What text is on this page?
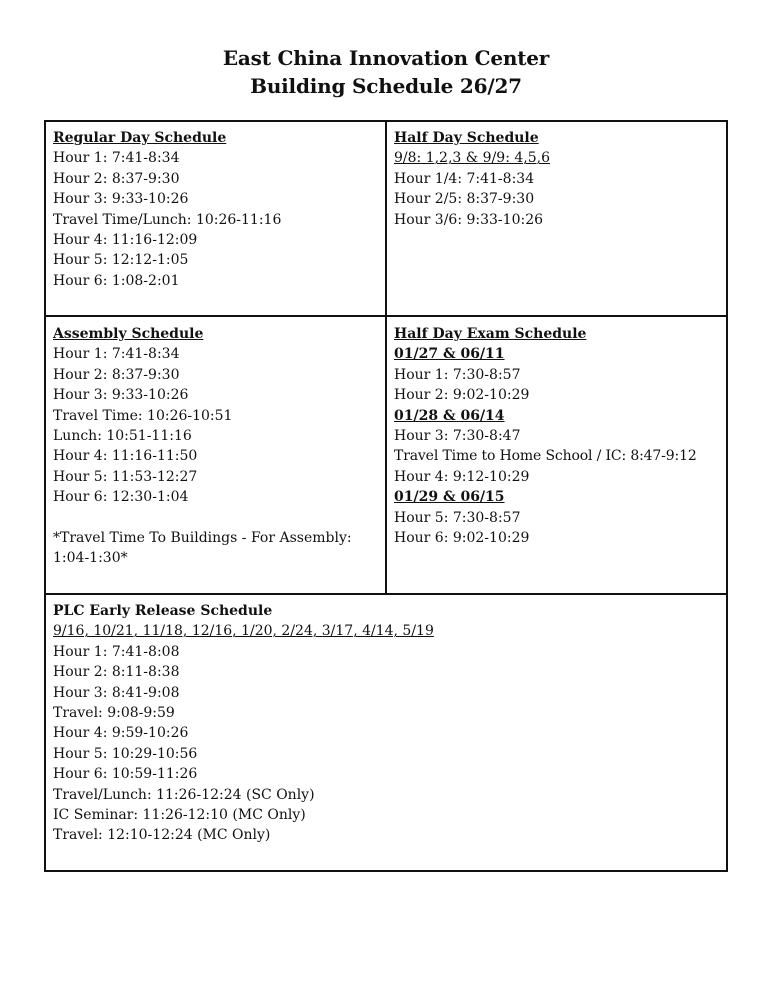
East China Innovation Center
Building Schedule 26/27
Regular Day Schedule
Hour 1: 7:41-8:34
Hour 2: 8:37-9:30
Hour 3: 9:33-10:26
Travel Time/Lunch: 10:26-11:16
Hour 4: 11:16-12:09
Hour 5: 12:12-1:05
Hour 6: 1:08-2:01
Half Day Schedule
9/8: 1,2,3 & 9/9: 4,5,6
Hour 1/4: 7:41-8:34
Hour 2/5: 8:37-9:30
Hour 3/6: 9:33-10:26
Assembly Schedule
Hour 1: 7:41-8:34
Hour 2: 8:37-9:30
Hour 3: 9:33-10:26
Travel Time: 10:26-10:51
Lunch: 10:51-11:16
Hour 4: 11:16-11:50
Hour 5: 11:53-12:27
Hour 6: 12:30-1:04
*Travel Time To Buildings - For Assembly: 1:04-1:30*
Half Day Exam Schedule
01/27 & 06/11
Hour 1: 7:30-8:57
Hour 2: 9:02-10:29
01/28 & 06/14
Hour 3: 7:30-8:47
Travel Time to Home School / IC: 8:47-9:12
Hour 4: 9:12-10:29
01/29 & 06/15
Hour 5: 7:30-8:57
Hour 6: 9:02-10:29
PLC Early Release Schedule
9/16, 10/21, 11/18, 12/16, 1/20, 2/24, 3/17, 4/14, 5/19
Hour 1: 7:41-8:08
Hour 2: 8:11-8:38
Hour 3: 8:41-9:08
Travel: 9:08-9:59
Hour 4: 9:59-10:26
Hour 5: 10:29-10:56
Hour 6: 10:59-11:26
Travel/Lunch: 11:26-12:24 (SC Only)
IC Seminar: 11:26-12:10 (MC Only)
Travel: 12:10-12:24 (MC Only)
